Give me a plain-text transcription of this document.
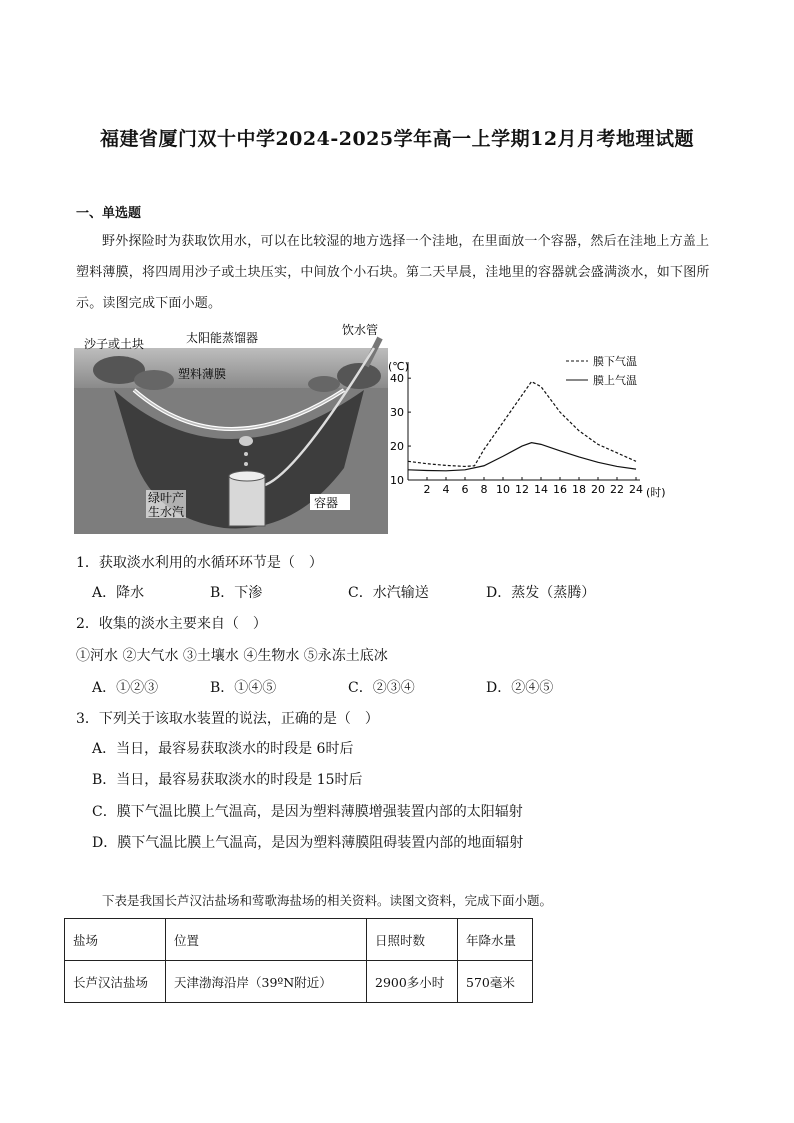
福建省厦门双十中学2024-2025学年高一上学期12月月考地理试题
一、单选题
野外探险时为获取饮用水，可以在比较湿的地方选择一个洼地，在里面放一个容器，然后在洼地上方盖上塑料薄膜，将四周用沙子或土块压实，中间放个小石块。第二天早晨，洼地里的容器就会盛满淡水，如下图所示。读图完成下面小题。
沙子或土块	太阳能蒸馏器
饮水管
塑料薄膜
绿叶产
生水汽
容器
(℃)
(时)
2 4 6 8 10 12 14 16 18 20 22 24
10
20
30
40
膜下气温
膜上气温
1．获取淡水利用的水循环环节是（　）
A．降水	B．下渗	C．水汽输送	D．蒸发（蒸腾）
2．收集的淡水主要来自（　）
①河水 ②大气水 ③土壤水 ④生物水 ⑤永冻土底冰
A．①②③	B．①④⑤	C．②③④	D．②④⑤
3．下列关于该取水装置的说法，正确的是（　）
A．当日，最容易获取淡水的时段是 6时后
B．当日，最容易获取淡水的时段是 15时后
C．膜下气温比膜上气温高，是因为塑料薄膜增强装置内部的太阳辐射
D．膜下气温比膜上气温高，是因为塑料薄膜阻碍装置内部的地面辐射
下表是我国长芦汉沽盐场和莺歌海盐场的相关资料。读图文资料，完成下面小题。
盐场	位置	日照时数	年降水量
长芦汉沽盐场	天津渤海沿岸（39ºN附近）	2900多小时	570毫米
